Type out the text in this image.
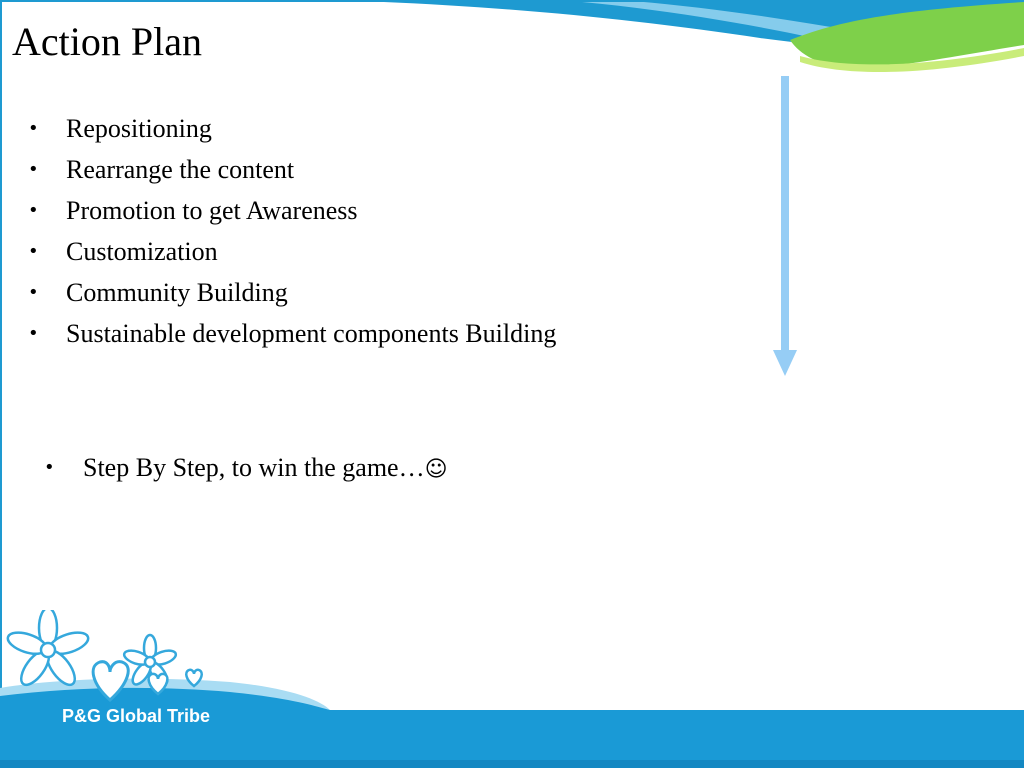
Action Plan
• Repositioning
• Rearrange the content
• Promotion to get Awareness
• Customization
• Community Building
• Sustainable development components Building
• Step By Step, to win the game…☺
P&G Global Tribe
